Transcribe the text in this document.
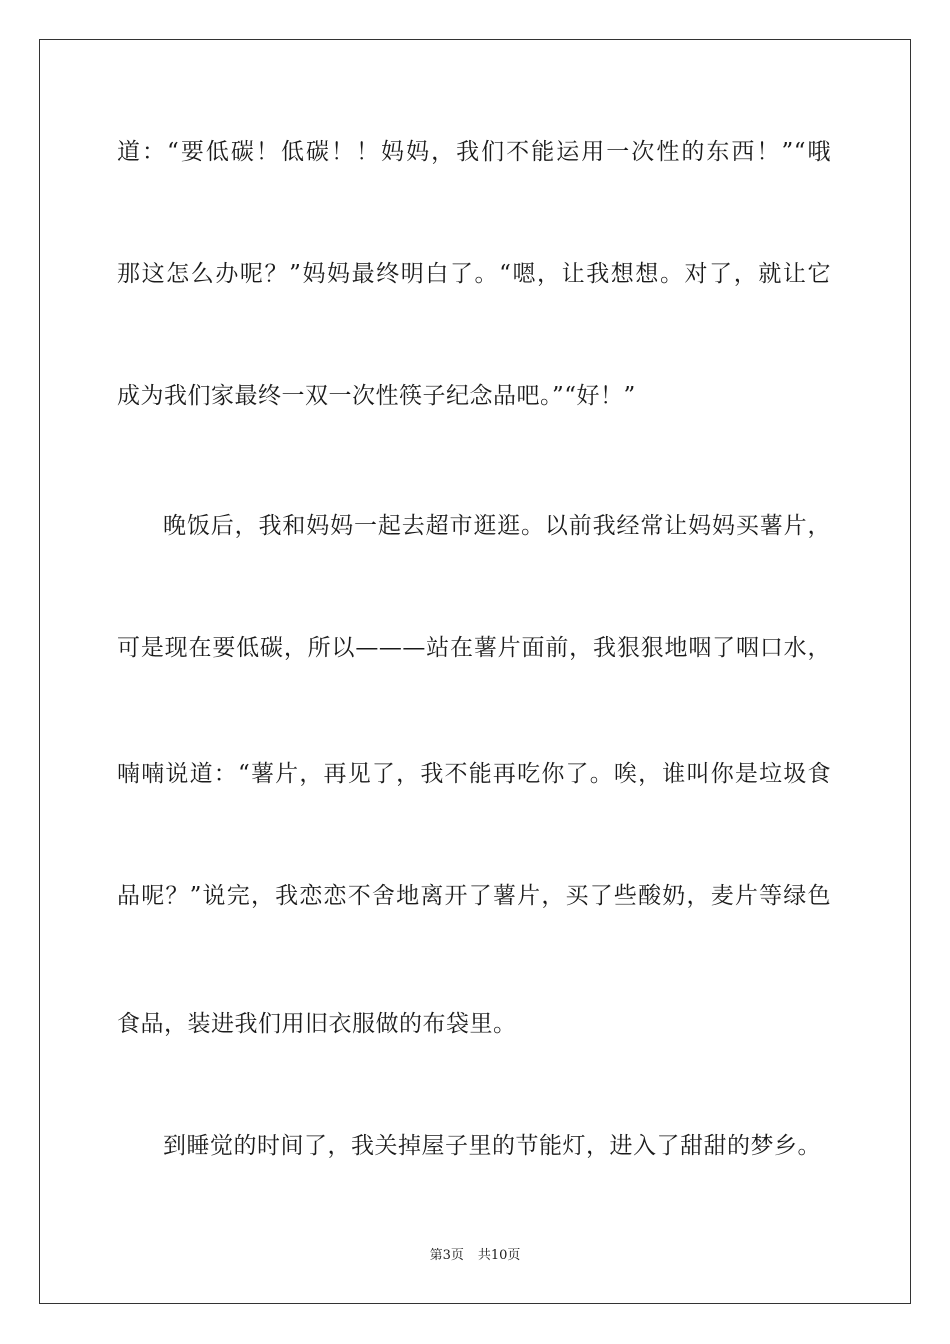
道：“要低碳！低碳！！妈妈，我们不能运用一次性的东西！”“哦
那这怎么办呢？”妈妈最终明白了。“嗯，让我想想。对了，就让它
成为我们家最终一双一次性筷子纪念品吧。”“好！”
晚饭后，我和妈妈一起去超市逛逛。以前我经常让妈妈买薯片，
可是现在要低碳，所以———站在薯片面前，我狠狠地咽了咽口水，
喃喃说道：“薯片，再见了，我不能再吃你了。唉，谁叫你是垃圾食
品呢？”说完，我恋恋不舍地离开了薯片，买了些酸奶，麦片等绿色
食品，装进我们用旧衣服做的布袋里。
到睡觉的时间了，我关掉屋子里的节能灯，进入了甜甜的梦乡。
第3页 共10页
